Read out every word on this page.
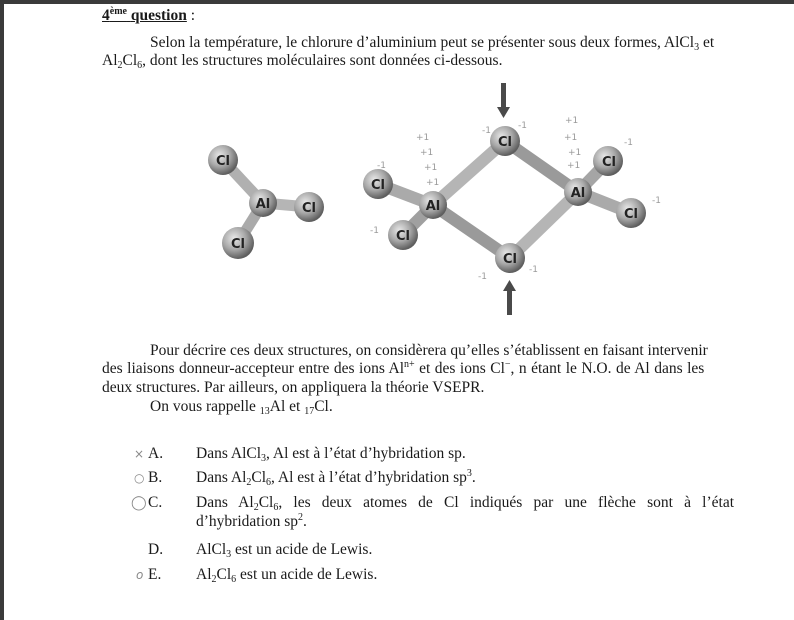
4ème question :
Selon la température, le chlorure d’aluminium peut se présenter sous deux formes, AlCl$_3$ et
$Al_2Cl_6$, dont les structures moléculaires sont données ci-dessous.
Cl
Al Cl
Cl
Cl
Cl
Cl
Al
Al
Cl
Cl
Cl
-1	-1
+1
+1
+1
+1
-1
-1
+1
+1
+1
+1
-1
-1
-1
-1
Pour décrire ces deux structures, on considèrera qu’elles s’établissent en faisant intervenir
des liaisons donneur-accepteur entre des ions $Al^{n+}$ et des ions Cl−, n étant le N.O. de Al dans les
deux structures. Par ailleurs, on appliquera la théorie VSEPR.
On vous rappelle $_{13}$Al et $_{17}$Cl.
× A. Dans AlCl$_3$, Al est à l’état d’hybridation sp.
○ B. Dans $Al_2Cl_6$, Al est à l’état d’hybridation $sp^3$.
◯ C. Dans $Al_2Cl_6$, les deux atomes de Cl indiqués par une flèche sont à l’état
d’hybridation $sp^2$.
D. AlCl$_3$ est un acide de Lewis.
o E. $Al_2Cl_6$ est un acide de Lewis.
